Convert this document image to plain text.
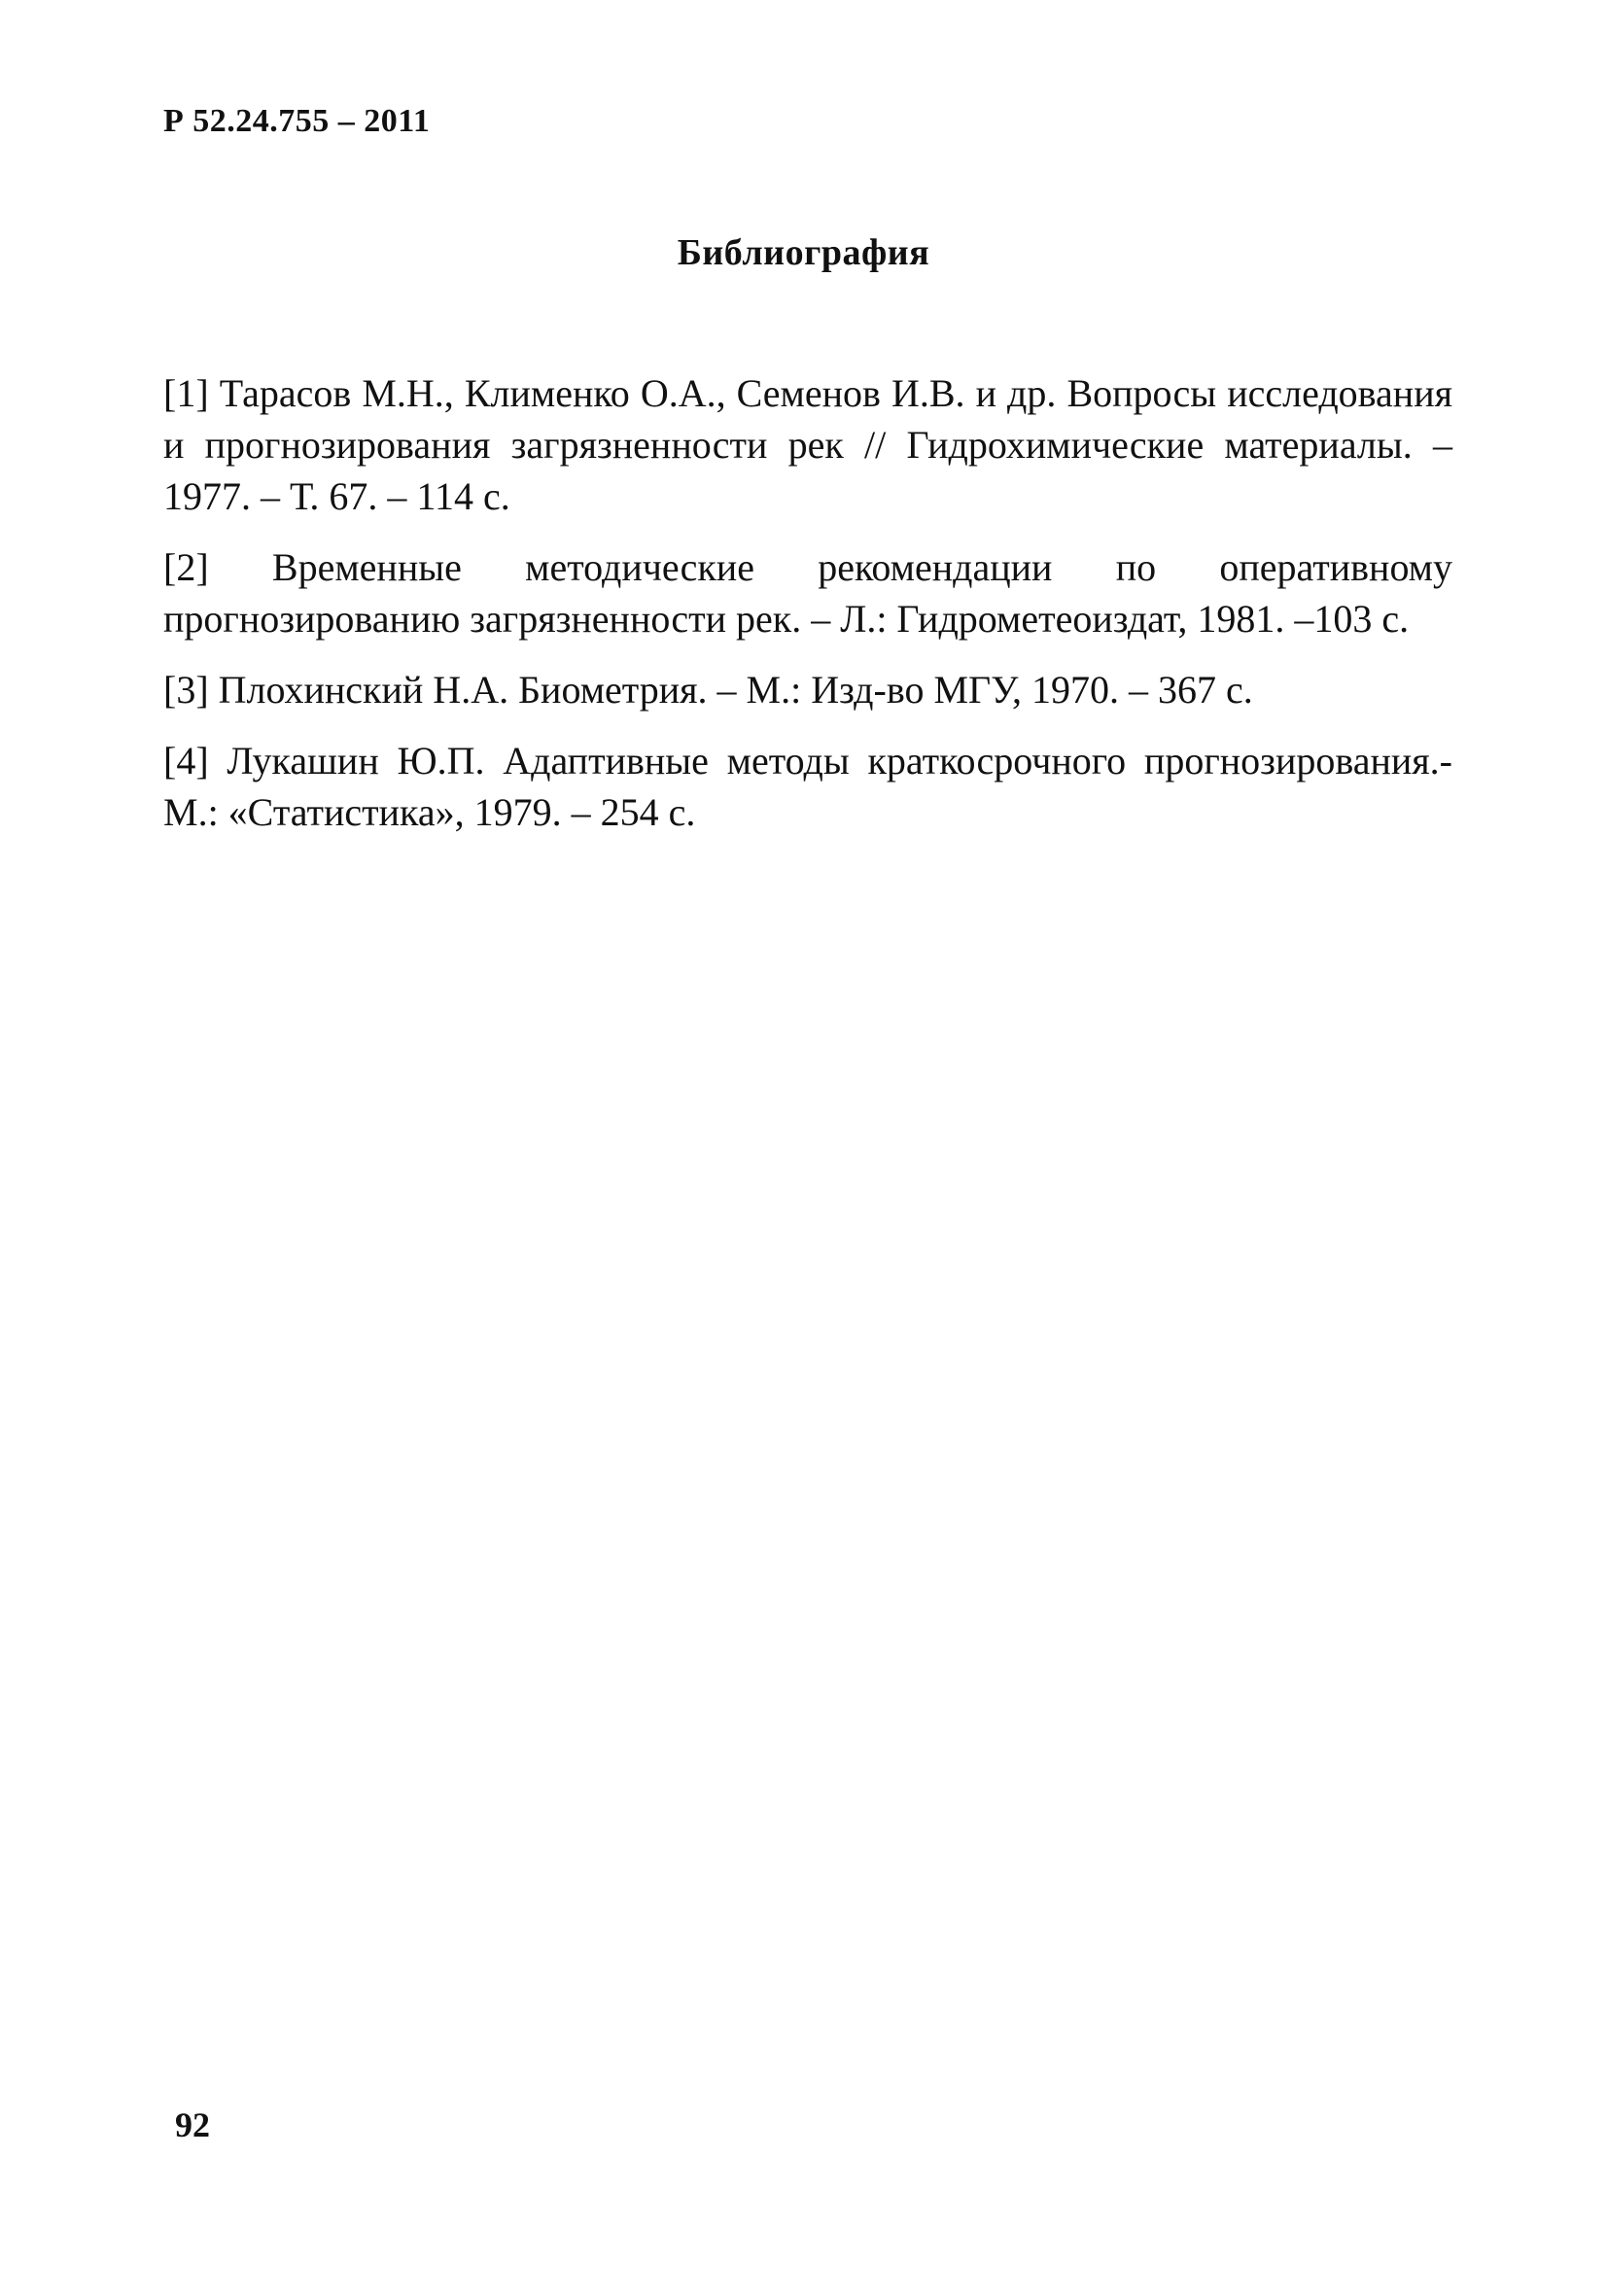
Р 52.24.755 – 2011
Библиография

[1] Тарасов М.Н., Клименко О.А., Семенов И.В. и др. Вопросы исследования и прогнозирования загрязненности рек // Гидрохимические материалы. – 1977. – Т. 67. – 114 с.

[2] Временные методические рекомендации по оперативному прогнозированию загрязненности рек. – Л.: Гидрометеоиздат, 1981. –103 с.

[3] Плохинский Н.А. Биометрия. – М.: Изд-во МГУ, 1970. – 367 с.

[4] Лукашин Ю.П. Адаптивные методы краткосрочного прогнозирования.- М.: «Статистика», 1979. – 254 с.

92
